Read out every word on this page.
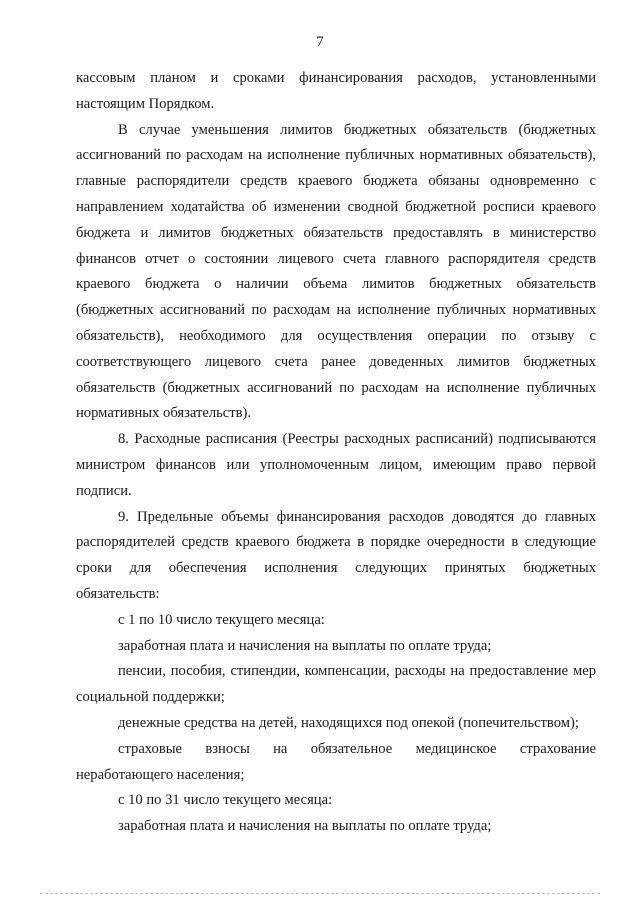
7

кассовым планом и сроками финансирования расходов, установленными настоящим Порядком.

В случае уменьшения лимитов бюджетных обязательств (бюджетных ассигнований по расходам на исполнение публичных нормативных обязательств), главные распорядители средств краевого бюджета обязаны одновременно с направлением ходатайства об изменении сводной бюджетной росписи краевого бюджета и лимитов бюджетных обязательств предоставлять в министерство финансов отчет о состоянии лицевого счета главного распорядителя средств краевого бюджета о наличии объема лимитов бюджетных обязательств (бюджетных ассигнований по расходам на исполнение публичных нормативных обязательств), необходимого для осуществления операции по отзыву с соответствующего лицевого счета ранее доведенных лимитов бюджетных обязательств (бюджетных ассигнований по расходам на исполнение публичных нормативных обязательств).

8. Расходные расписания (Реестры расходных расписаний) подписываются министром финансов или уполномоченным лицом, имеющим право первой подписи.

9. Предельные объемы финансирования расходов доводятся до главных распорядителей средств краевого бюджета в порядке очередности в следующие сроки для обеспечения исполнения следующих принятых бюджетных обязательств:

с 1 по 10 число текущего месяца:

заработная плата и начисления на выплаты по оплате труда;

пенсии, пособия, стипендии, компенсации, расходы на предоставление мер социальной поддержки;

денежные средства на детей, находящихся под опекой (попечительством);

страховые взносы на обязательное медицинское страхование неработающего населения;

с 10 по 31 число текущего месяца:

заработная плата и начисления на выплаты по оплате труда;
